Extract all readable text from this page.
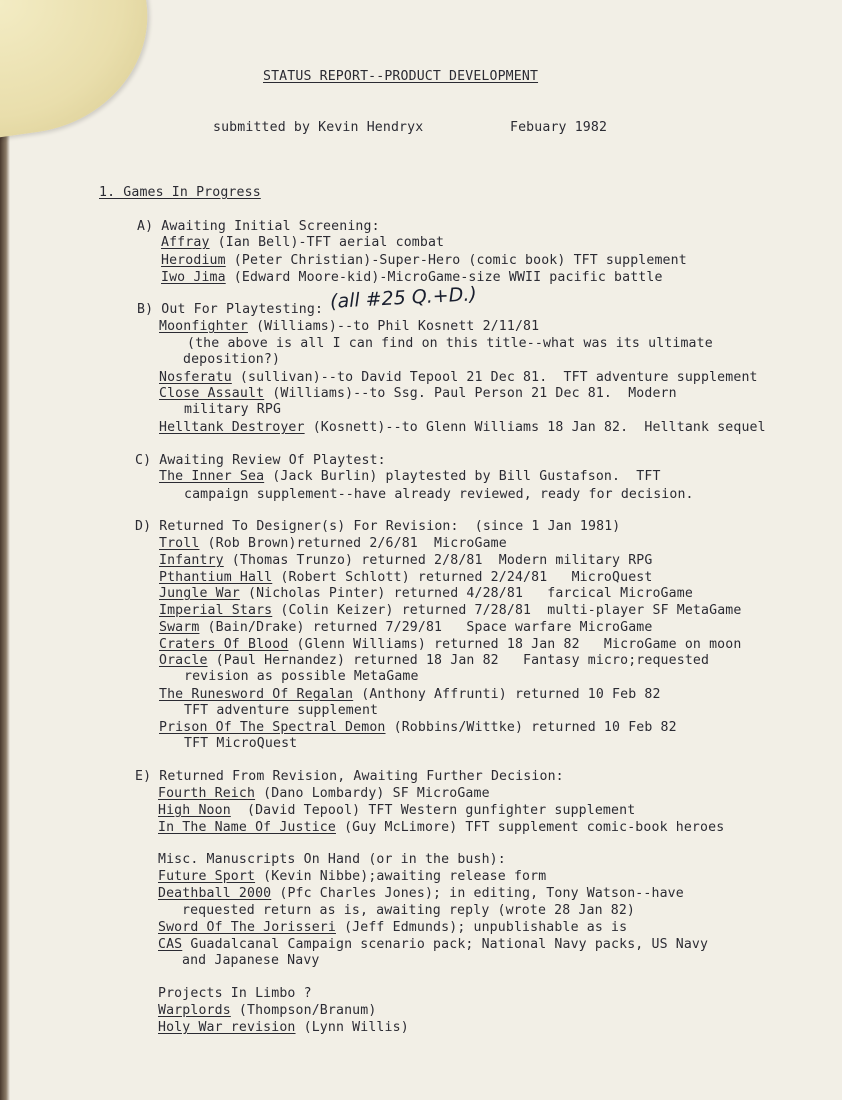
STATUS REPORT--PRODUCT DEVELOPMENT
submitted by Kevin Hendryx	Febuary 1982
1. Games In Progress
A) Awaiting Initial Screening:
Affray (Ian Bell)-TFT aerial combat
Herodium (Peter Christian)-Super-Hero (comic book) TFT supplement
Iwo Jima (Edward Moore-kid)-MicroGame-size WWII pacific battle
B) Out For Playtesting: (all #25 Q.+D.)
Moonfighter (Williams)--to Phil Kosnett 2/11/81
(the above is all I can find on this title--what was its ultimate
deposition?)
Nosferatu (sullivan)--to David Tepool 21 Dec 81.  TFT adventure supplement
Close Assault (Williams)--to Ssg. Paul Person 21 Dec 81.  Modern
military RPG
Helltank Destroyer (Kosnett)--to Glenn Williams 18 Jan 82.  Helltank sequel
C) Awaiting Review Of Playtest:
The Inner Sea (Jack Burlin) playtested by Bill Gustafson.  TFT
campaign supplement--have already reviewed, ready for decision.
D) Returned To Designer(s) For Revision:  (since 1 Jan 1981)
Troll (Rob Brown)returned 2/6/81  MicroGame
Infantry (Thomas Trunzo) returned 2/8/81  Modern military RPG
Pthantium Hall (Robert Schlott) returned 2/24/81   MicroQuest
Jungle War (Nicholas Pinter) returned 4/28/81   farcical MicroGame
Imperial Stars (Colin Keizer) returned 7/28/81  multi-player SF MetaGame
Swarm (Bain/Drake) returned 7/29/81   Space warfare MicroGame
Craters Of Blood (Glenn Williams) returned 18 Jan 82   MicroGame on moon
Oracle (Paul Hernandez) returned 18 Jan 82   Fantasy micro;requested
revision as possible MetaGame
The Runesword Of Regalan (Anthony Affrunti) returned 10 Feb 82
TFT adventure supplement
Prison Of The Spectral Demon (Robbins/Wittke) returned 10 Feb 82
TFT MicroQuest
E) Returned From Revision, Awaiting Further Decision:
Fourth Reich (Dano Lombardy) SF MicroGame
High Noon  (David Tepool) TFT Western gunfighter supplement
In The Name Of Justice (Guy McLimore) TFT supplement comic-book heroes
Misc. Manuscripts On Hand (or in the bush):
Future Sport (Kevin Nibbe);awaiting release form
Deathball 2000 (Pfc Charles Jones); in editing, Tony Watson--have
requested return as is, awaiting reply (wrote 28 Jan 82)
Sword Of The Jorisseri (Jeff Edmunds); unpublishable as is
CAS Guadalcanal Campaign scenario pack; National Navy packs, US Navy
and Japanese Navy
Projects In Limbo ?
Warplords (Thompson/Branum)
Holy War revision (Lynn Willis)
